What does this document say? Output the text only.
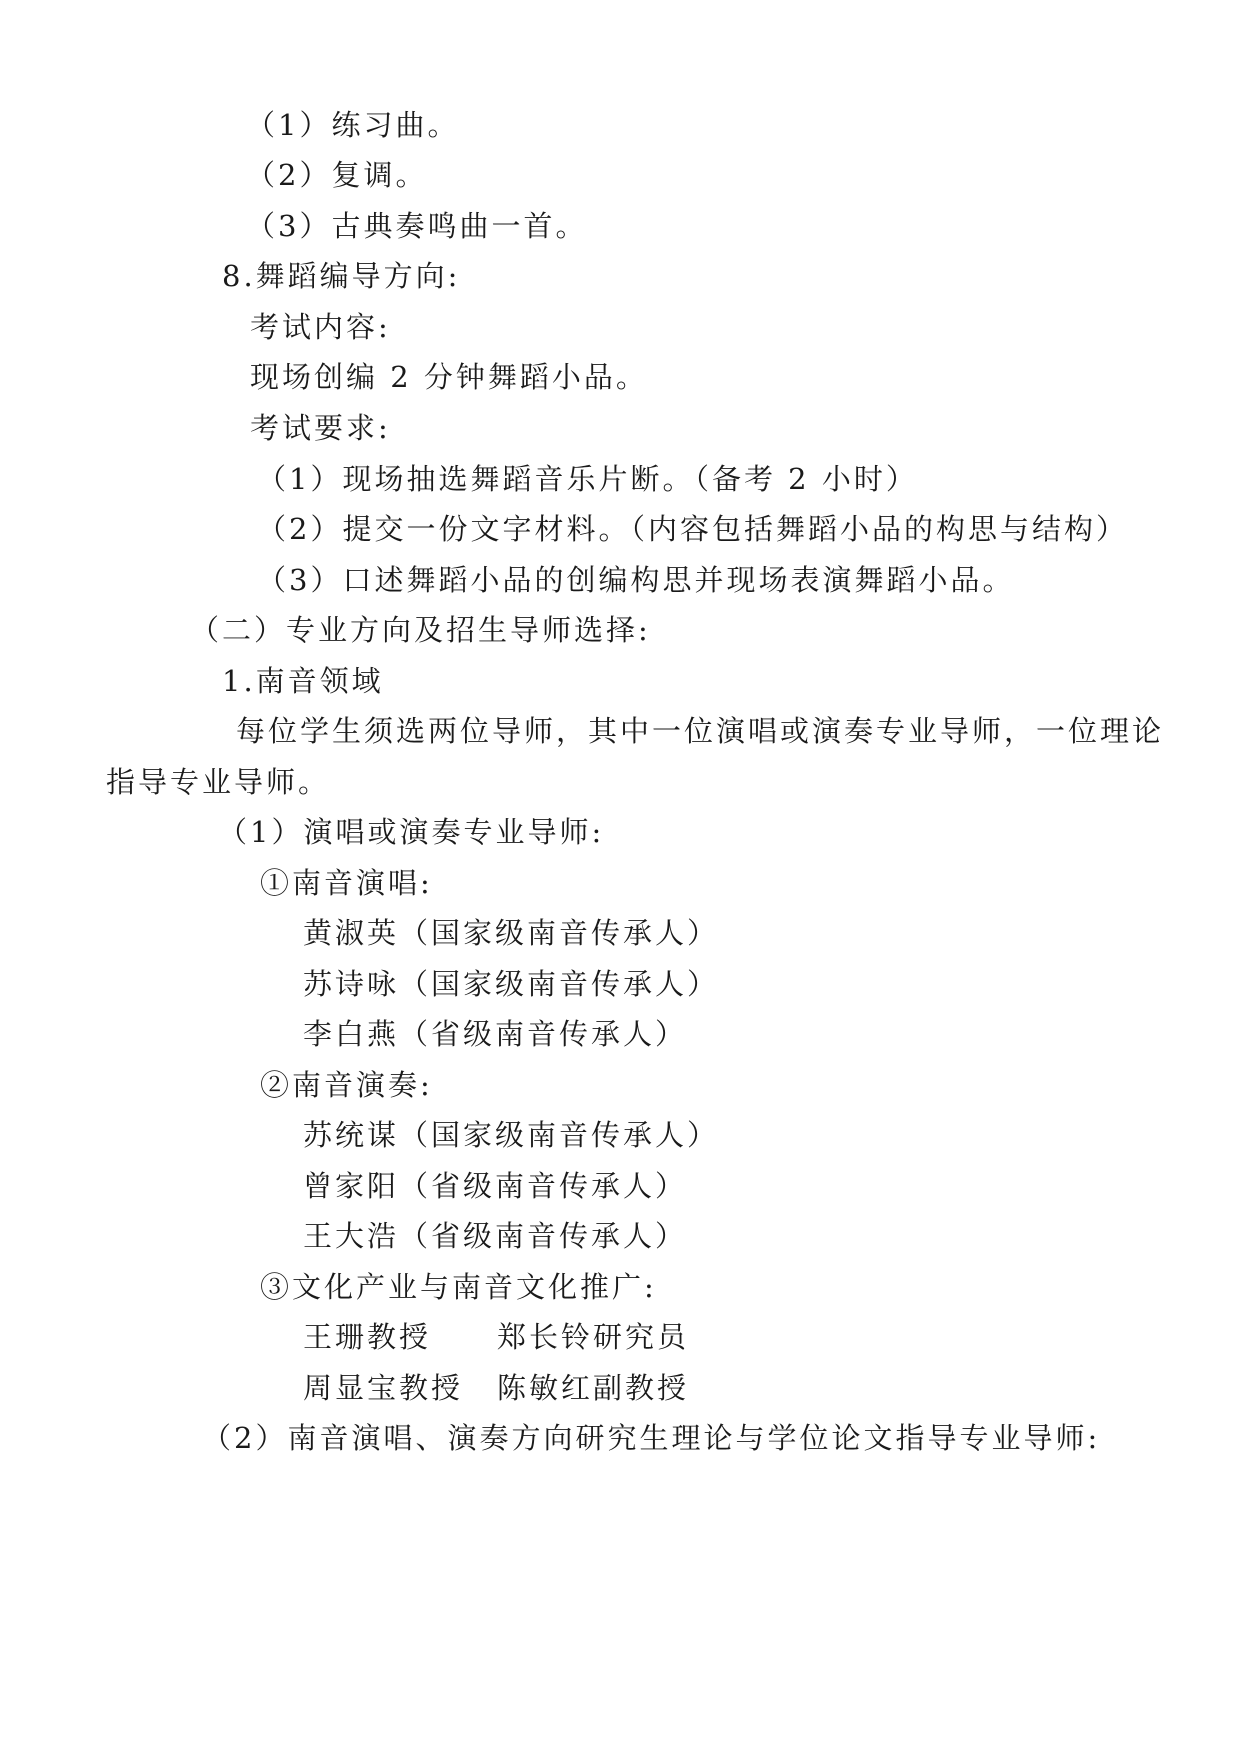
（1）练习曲。
（2）复调。
（3）古典奏鸣曲一首。
8.舞蹈编导方向:
考试内容:
现场创编 2 分钟舞蹈小品。
考试要求:
（1）现场抽选舞蹈音乐片断。（备考 2 小时）
（2）提交一份文字材料。（内容包括舞蹈小品的构思与结构）
（3）口述舞蹈小品的创编构思并现场表演舞蹈小品。
（二）专业方向及招生导师选择:
1.南音领域
每位学生须选两位导师，其中一位演唱或演奏专业导师，一位理论
指导专业导师。
（1）演唱或演奏专业导师:
①南音演唱:
黄淑英（国家级南音传承人）
苏诗咏（国家级南音传承人）
李白燕（省级南音传承人）
②南音演奏:
苏统谋（国家级南音传承人）
曾家阳（省级南音传承人）
王大浩（省级南音传承人）
③文化产业与南音文化推广:
王珊教授 郑长铃研究员
周显宝教授 陈敏红副教授
（2）南音演唱、演奏方向研究生理论与学位论文指导专业导师:
